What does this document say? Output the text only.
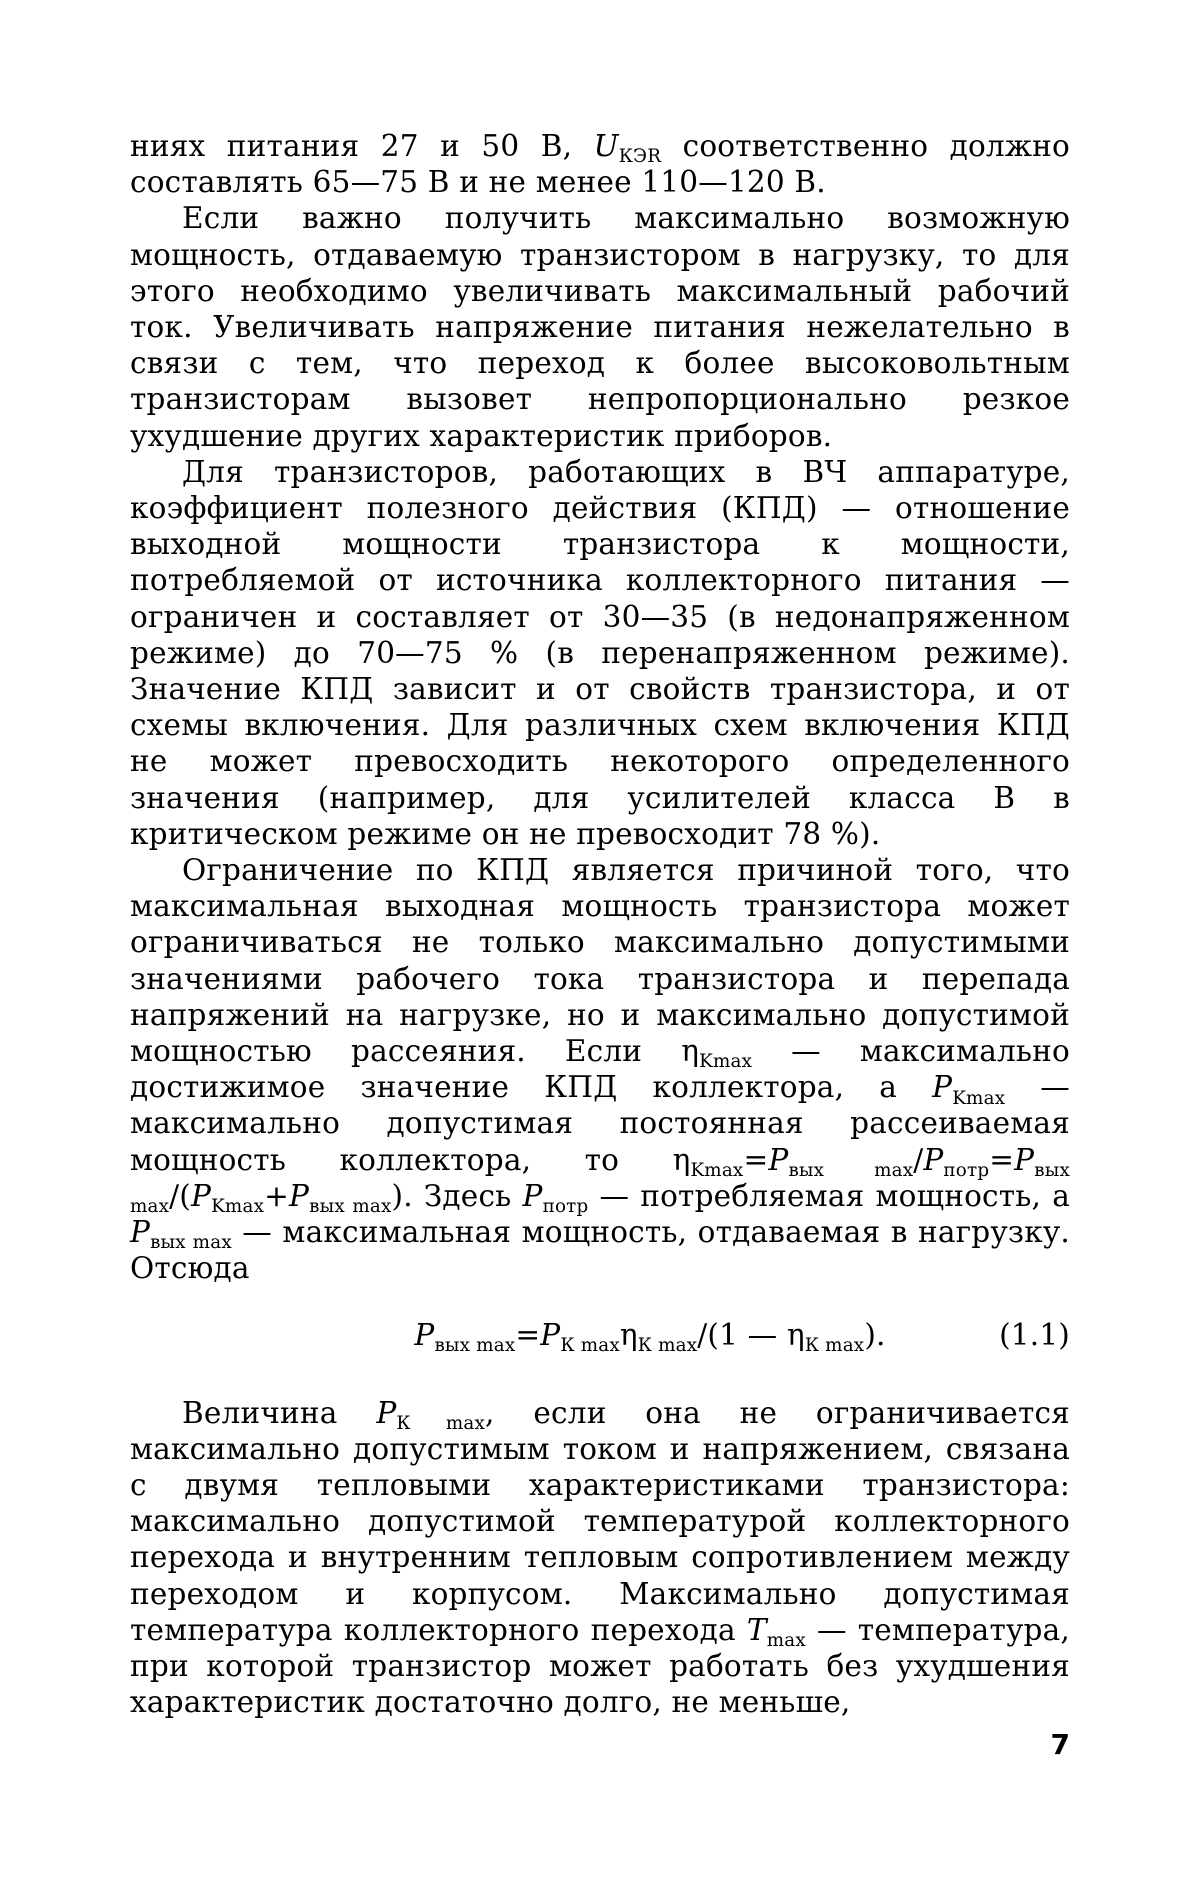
ниях питания 27 и 50 В, $U_{КЭR}$ соответственно должно составлять 65—75 В и не менее 110—120 В.

Если важно получить максимально возможную мощность, отдаваемую транзистором в нагрузку, то для этого необходимо увеличивать максимальный рабочий ток. Увеличивать напряжение питания нежелательно в связи с тем, что переход к более высоковольтным транзисторам вызовет непропорционально резкое ухудшение других характеристик приборов.

Для транзисторов, работающих в ВЧ аппаратуре, коэффициент полезного действия (КПД) — отношение выходной мощности транзистора к мощности, потребляемой от источника коллекторного питания — ограничен и составляет от 30—35 (в недонапряженном режиме) до 70—75 % (в перенапряженном режиме). Значение КПД зависит и от свойств транзистора, и от схемы включения. Для различных схем включения КПД не может превосходить некоторого определенного значения (например, для усилителей класса В в критическом режиме он не превосходит 78 %).

Ограничение по КПД является причиной того, что максимальная выходная мощность транзистора может ограничиваться не только максимально допустимыми значениями рабочего тока транзистора и перепада напряжений на нагрузке, но и максимально допустимой мощностью рассеяния. Если $\eta_{Kmax}$ — максимально достижимое значение КПД коллектора, а $P_{Kmax}$ — максимально допустимая постоянная рассеиваемая мощность коллектора, то $\eta_{Kmax}=P_{вых max}/P_{потр}=P_{вых max}/(P_{Kmax}+P_{вых max})$. Здесь $P_{потр}$ — потребляемая мощность, а $P_{вых max}$ — максимальная мощность, отдаваемая в нагрузку. Отсюда

$P_{вых max}=P_{К max}\eta_{К max}/(1$ — $\eta_{К max}$).	(1.1)

Величина $P_{К max}$, если она не ограничивается максимально допустимым током и напряжением, связана с двумя тепловыми характеристиками транзистора: максимально допустимой температурой коллекторного перехода и внутренним тепловым сопротивлением между переходом и корпусом. Максимально допустимая температура коллекторного перехода $T_{max}$ — температура, при которой транзистор может работать без ухудшения характеристик достаточно долго, не меньше,

7
